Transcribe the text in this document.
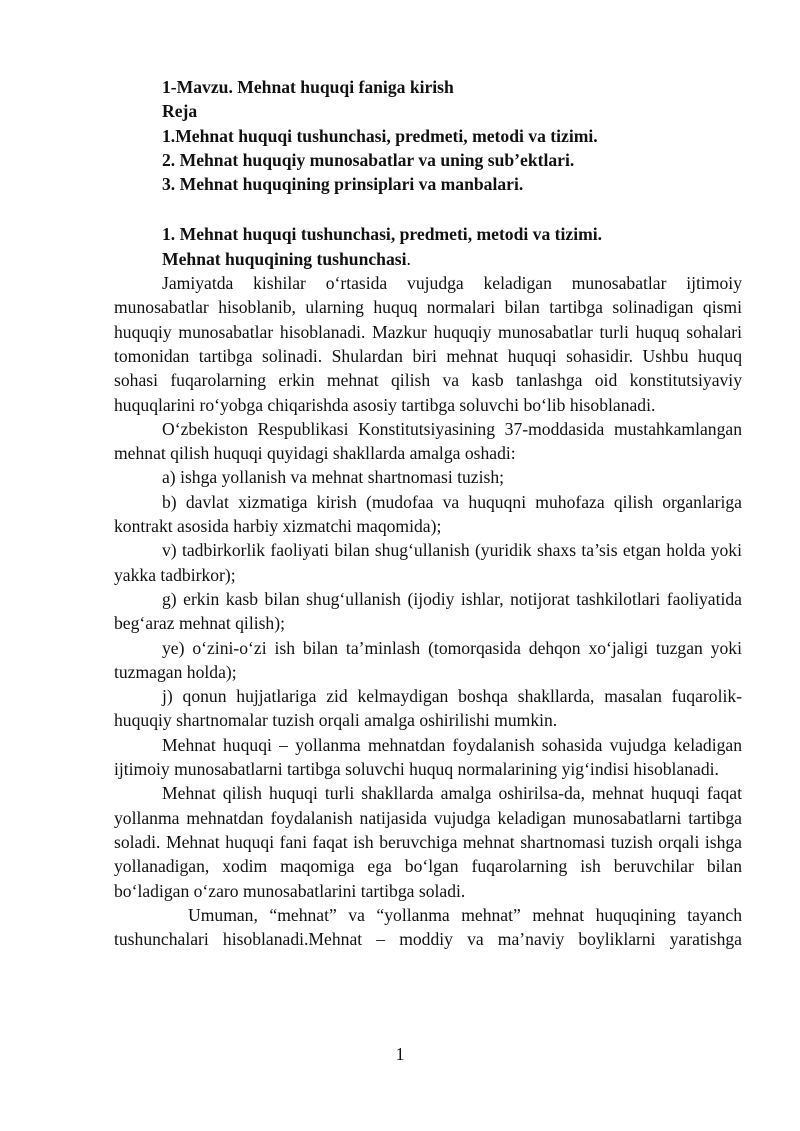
1-Mavzu. Mehnat huquqi faniga kirish

Reja

1.Mehnat huquqi tushunchasi, predmeti, metodi va tizimi.

2. Mehnat huquqiy munosabatlar va uning sub’ektlari.

3. Mehnat huquqining prinsiplari va manbalari.

1. Mehnat huquqi tushunchasi, predmeti, metodi va tizimi.

Mehnat huquqining tushunchasi.

Jamiyatda kishilar o‘rtasida vujudga keladigan munosabatlar ijtimoiy munosabatlar hisoblanib, ularning huquq normalari bilan tartibga solinadigan qismi huquqiy munosabatlar hisoblanadi. Mazkur huquqiy munosabatlar turli huquq sohalari tomonidan tartibga solinadi. Shulardan biri mehnat huquqi sohasidir. Ushbu huquq sohasi fuqarolarning erkin mehnat qilish va kasb tanlashga oid konstitutsiyaviy huquqlarini ro‘yobga chiqarishda asosiy tartibga soluvchi bo‘lib hisoblanadi.

O‘zbekiston Respublikasi Konstitutsiyasining 37-moddasida mustahkamlangan mehnat qilish huquqi quyidagi shakllarda amalga oshadi:

a) ishga yollanish va mehnat shartnomasi tuzish;

b) davlat xizmatiga kirish (mudofaa va huquqni muhofaza qilish organlariga kontrakt asosida harbiy xizmatchi maqomida);

v) tadbirkorlik faoliyati bilan shug‘ullanish (yuridik shaxs ta’sis etgan holda yoki yakka tadbirkor);

g) erkin kasb bilan shug‘ullanish (ijodiy ishlar, notijorat tashkilotlari faoliyatida beg‘araz mehnat qilish);

ye) o‘zini-o‘zi ish bilan ta’minlash (tomorqasida dehqon xo‘jaligi tuzgan yoki tuzmagan holda);

j) qonun hujjatlariga zid kelmaydigan boshqa shakllarda, masalan fuqarolik-huquqiy shartnomalar tuzish orqali amalga oshirilishi mumkin.

Mehnat huquqi – yollanma mehnatdan foydalanish sohasida vujudga keladigan ijtimoiy munosabatlarni tartibga soluvchi huquq normalarining yig‘indisi hisoblanadi.

Mehnat qilish huquqi turli shakllarda amalga oshirilsa-da, mehnat huquqi faqat yollanma mehnatdan foydalanish natijasida vujudga keladigan munosabatlarni tartibga soladi. Mehnat huquqi fani faqat ish beruvchiga mehnat shartnomasi tuzish orqali ishga yollanadigan, xodim maqomiga ega bo‘lgan fuqarolarning ish beruvchilar bilan bo‘ladigan o‘zaro munosabatlarini tartibga soladi.

Umuman, “mehnat” va “yollanma mehnat” mehnat huquqining tayanch tushunchalari hisoblanadi.Mehnat – moddiy va ma’naviy boyliklarni yaratishga

1
